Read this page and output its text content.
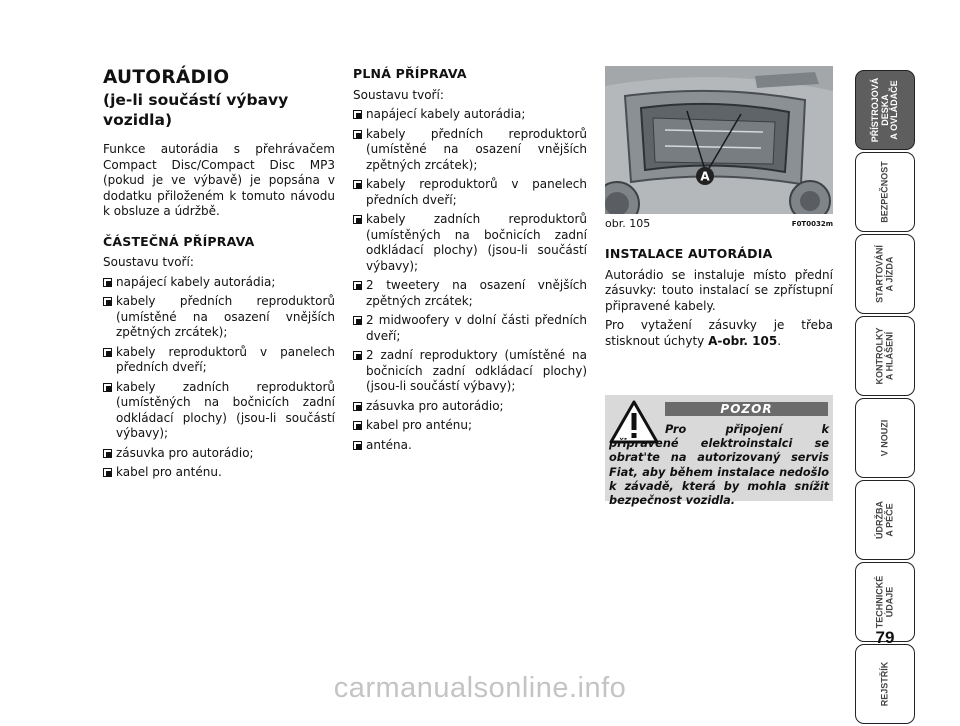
AUTORÁDIO
(je-li součástí výbavy
vozidla)

Funkce autorádia s přehrávačem Compact Disc/Compact Disc MP3 (pokud je ve výbavě) je popsána v dodatku přiloženém k tomuto návodu k obsluze a údržbě.

ČÁSTEČNÁ PŘÍPRAVA

Soustavu tvoří:

napájecí kabely autorádia;
kabely předních reproduktorů (umístěné na osazení vnějších zpětných zrcátek);
kabely reproduktorů v panelech předních dveří;
kabely zadních reproduktorů (umístěných na bočnicích zadní odkládací plochy) (jsou-li součástí výbavy);
zásuvka pro autorádio;
kabel pro anténu.
PLNÁ PŘÍPRAVA

Soustavu tvoří:

napájecí kabely autorádia;
kabely předních reproduktorů (umístěné na osazení vnějších zpětných zrcátek);
kabely reproduktorů v panelech předních dveří;
kabely zadních reproduktorů (umístěných na bočnicích zadní odkládací plochy) (jsou-li součástí výbavy);
2 tweetery na osazení vnějších zpětných zrcátek;
2 midwoofery v dolní části předních dveří;
2 zadní reproduktory (umístěné na bočnicích zadní odkládací plochy) (jsou-li součástí výbavy);
zásuvka pro autorádio;
kabel pro anténu;
anténa.
A
obr. 105	F0T0032m
INSTALACE AUTORÁDIA

Autorádio se instaluje místo přední zásuvky: touto instalací se zpřístupní připravené kabely.

Pro vytažení zásuvky je třeba stisknout úchyty A-obr. 105.

POZOR
Pro připojení k připravené elektroinstalci se obrat'te na autorizovaný servis Fiat, aby během instalace nedošlo k závadě, která by mohla snížit bezpečnost vozidla.
PŘÍSTROJOVÁ
DESKA
A OVLÁDAČE
BEZPEČNOST
STARTOVÁNÍ
A JÍZDA
KONTROLKY
A HLÁŠENÍ
V NOUZI
ÚDRŽBA
A PÉČE
TECHNICKÉ
ÚDAJE
REJSTŘÍK
79
carmanualsonline.info
